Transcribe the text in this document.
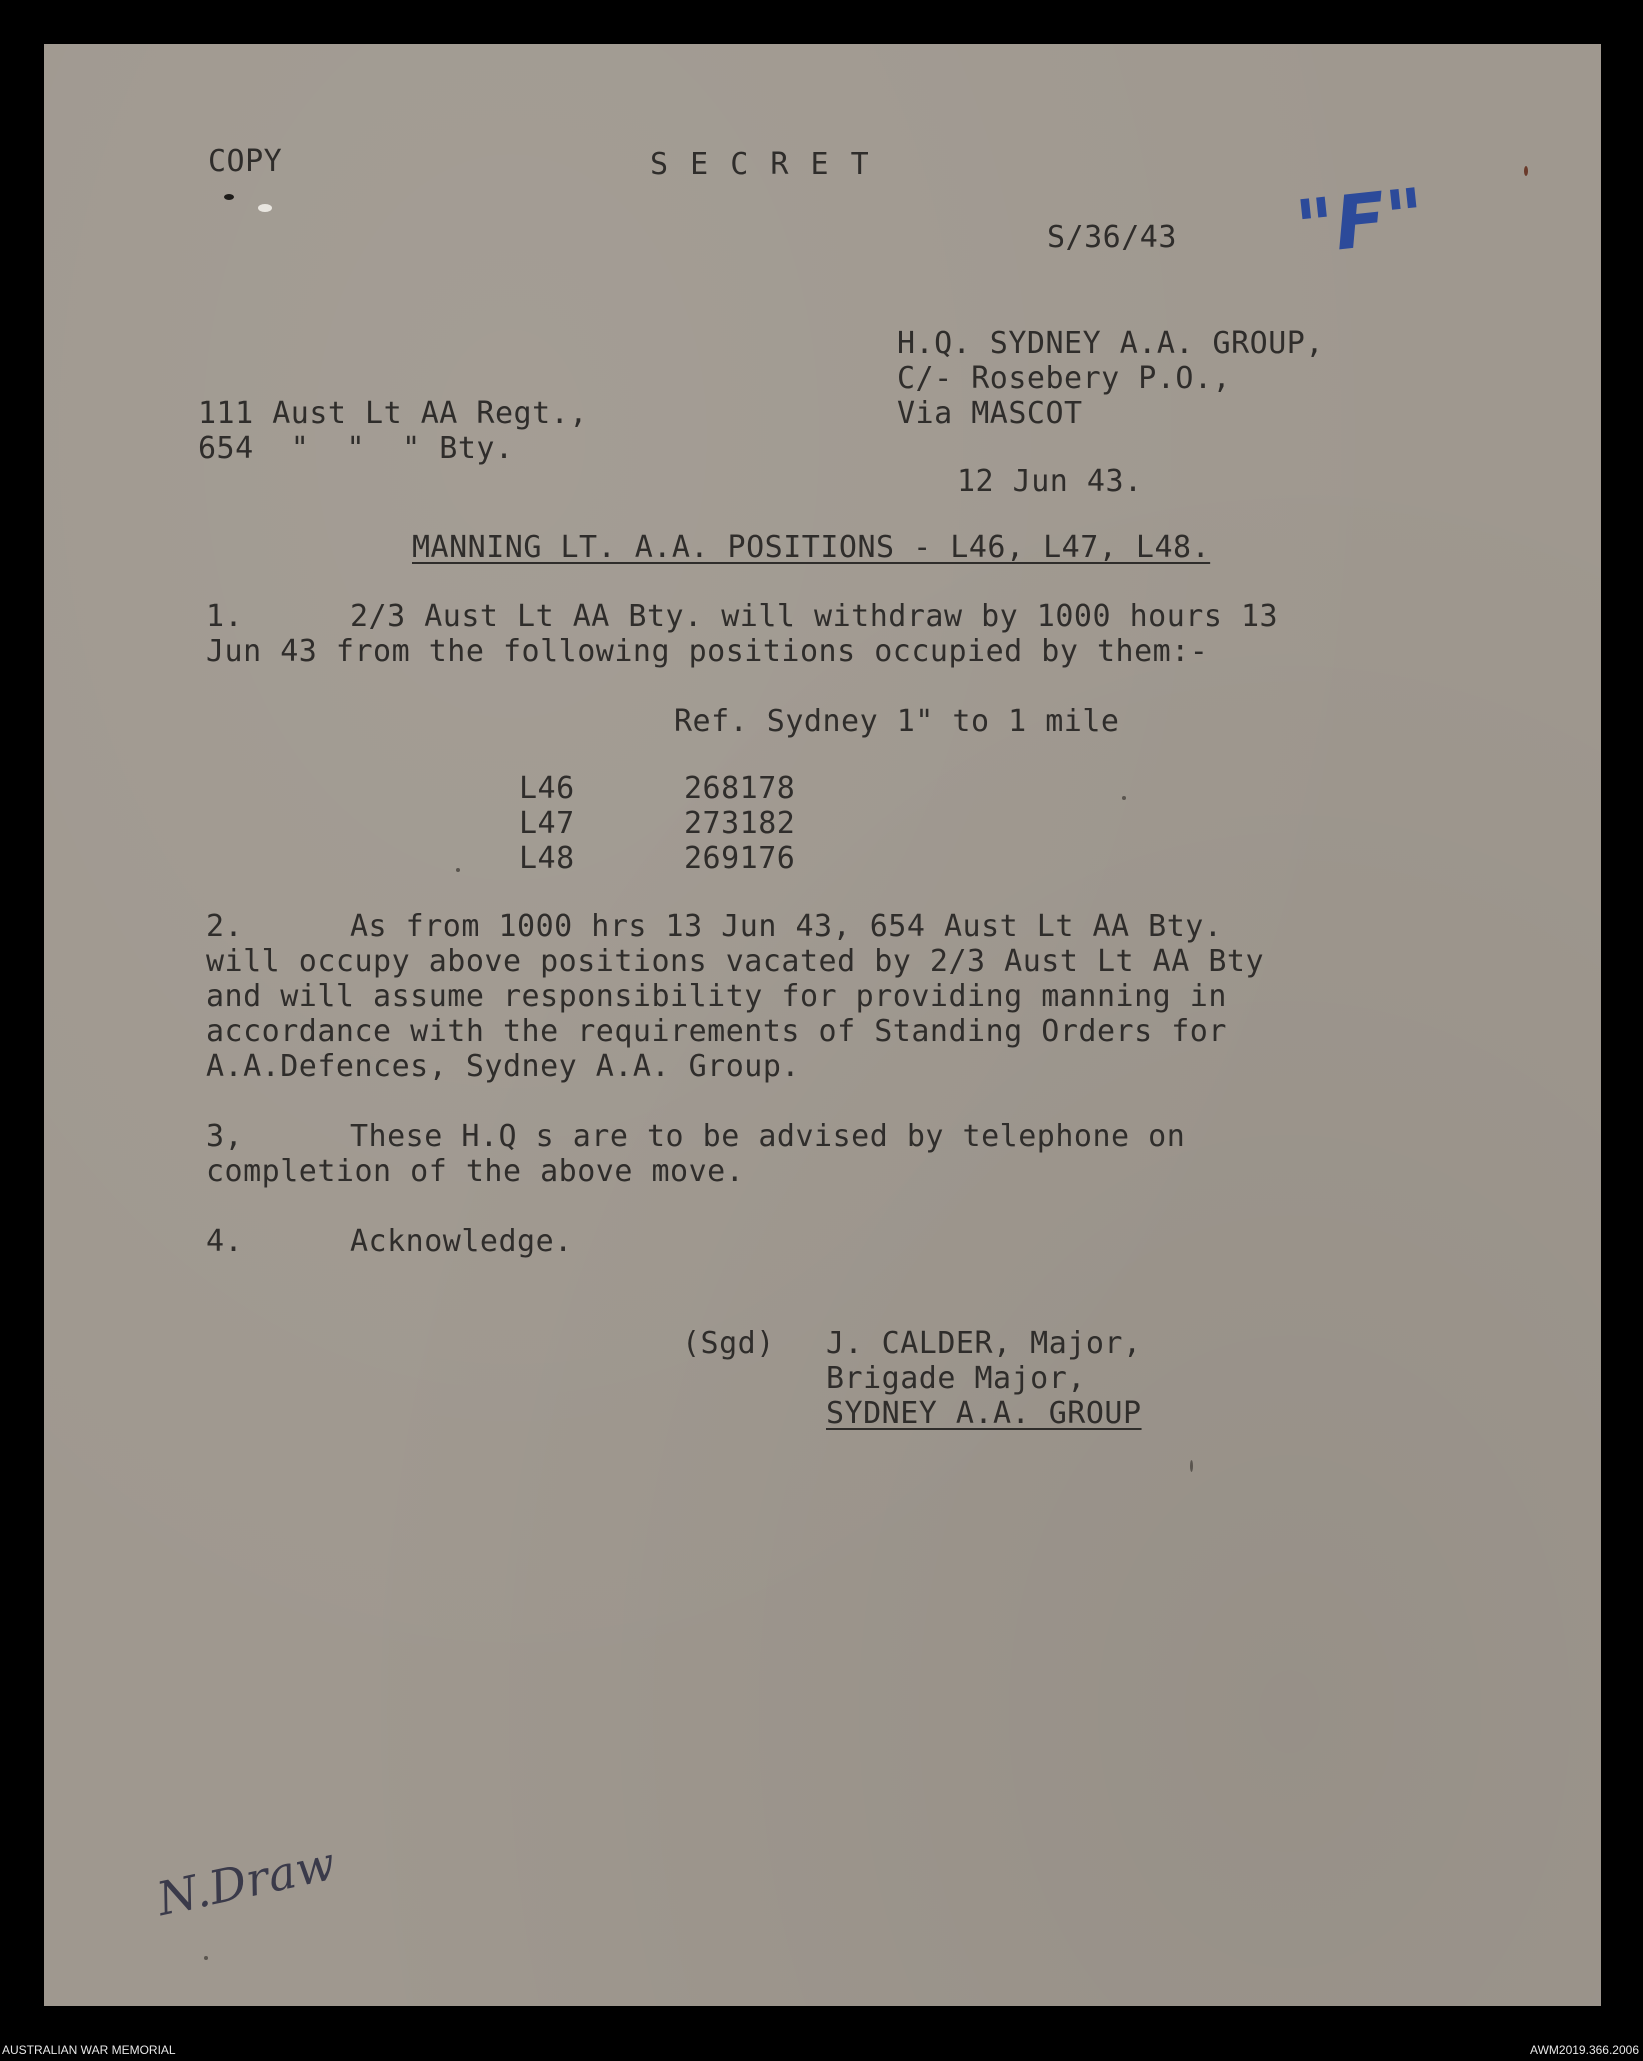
COPY	S E C R E T
S/36/43 "F"
H.Q. SYDNEY A.A. GROUP,
C/- Rosebery P.O.,
Via MASCOT
111 Aust Lt AA Regt.,
654  "  "  " Bty.
12 Jun 43.
MANNING LT. A.A. POSITIONS - L46, L47, L48.
1.	2/3 Aust Lt AA Bty. will withdraw by 1000 hours 13
Jun 43 from the following positions occupied by them:-
Ref. Sydney 1" to 1 mile
L46	268178
L47	273182
L48	269176
2.	As from 1000 hrs 13 Jun 43, 654 Aust Lt AA Bty.
will occupy above positions vacated by 2/3 Aust Lt AA Bty
and will assume responsibility for providing manning in
accordance with the requirements of Standing Orders for
A.A.Defences, Sydney A.A. Group.
3,	These H.Q s are to be advised by telephone on
completion of the above move.
4.	Acknowledge.
(Sgd) J. CALDER, Major,
Brigade Major,
SYDNEY A.A. GROUP
N.Draw
AUSTRALIAN WAR MEMORIAL	AWM2019.366.2006
